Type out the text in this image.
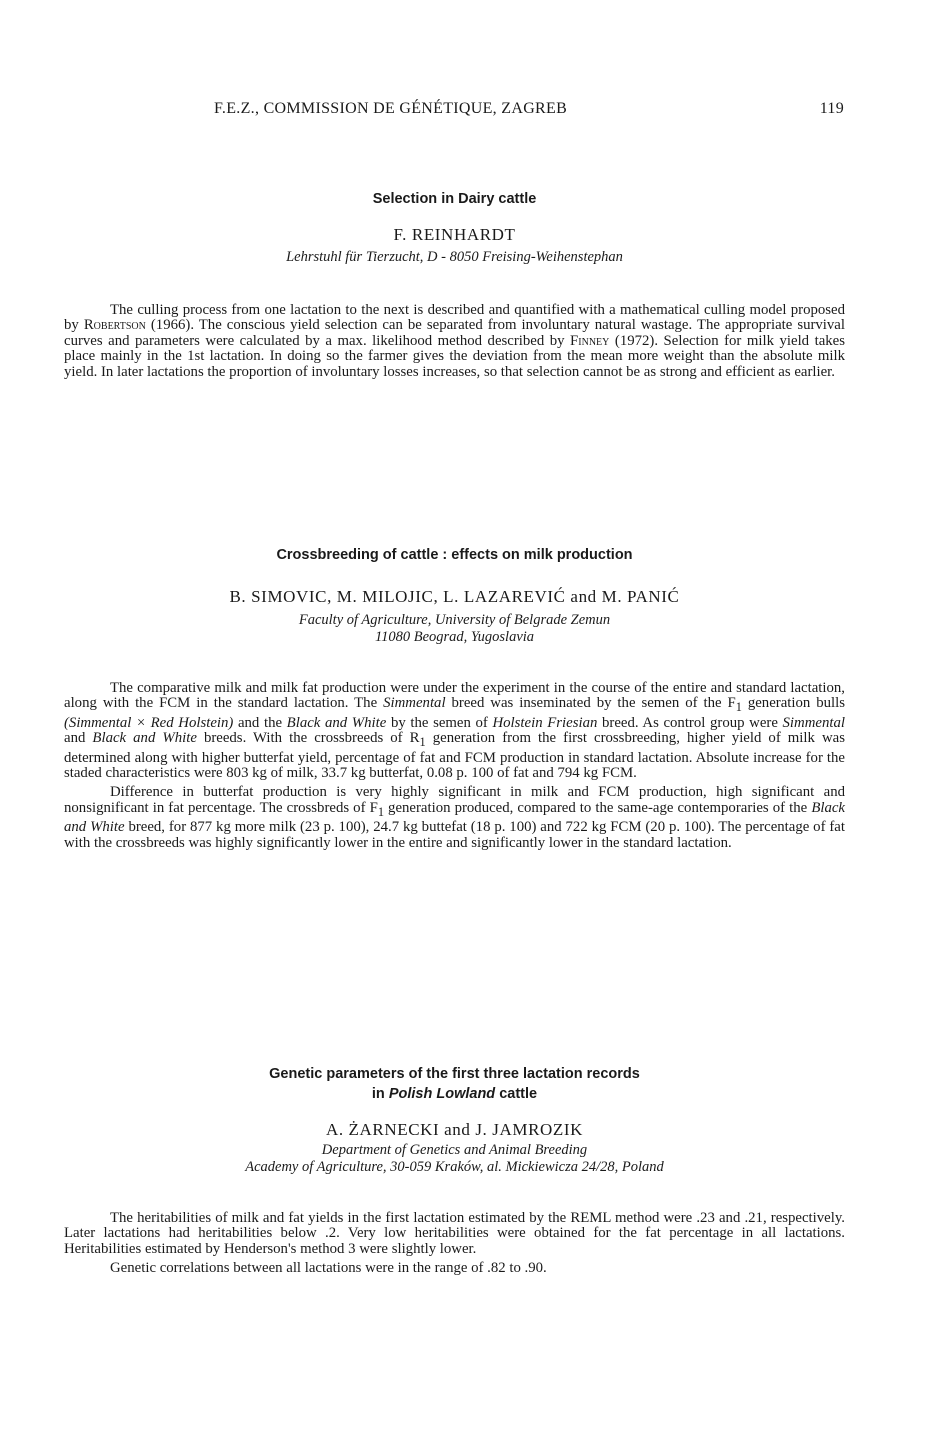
F.E.Z., COMMISSION DE GÉNÉTIQUE, ZAGREB	119
Selection in Dairy cattle

F. REINHARDT

Lehrstuhl für Tierzucht, D - 8050 Freising-Weihenstephan

The culling process from one lactation to the next is described and quantified with a mathematical culling model proposed by Robertson (1966). The conscious yield selection can be separated from involuntary natural wastage. The appropriate survival curves and parameters were calculated by a max. likelihood method described by Finney (1972). Selection for milk yield takes place mainly in the 1st lactation. In doing so the farmer gives the deviation from the mean more weight than the absolute milk yield. In later lactations the proportion of involuntary losses increases, so that selection cannot be as strong and efficient as earlier.

Crossbreeding of cattle : effects on milk production

B. SIMOVIC, M. MILOJIC, L. LAZAREVIĆ and M. PANIĆ

Faculty of Agriculture, University of Belgrade Zemun
11080 Beograd, Yugoslavia

The comparative milk and milk fat production were under the experiment in the course of the entire and standard lactation, along with the FCM in the standard lactation. The Simmental breed was inseminated by the semen of the $F_1$ generation bulls (Simmental × Red Holstein) and the Black and White by the semen of Holstein Friesian breed. As control group were Simmental and Black and White breeds. With the crossbreeds of $R_1$ generation from the first crossbreeding, higher yield of milk was determined along with higher butterfat yield, percentage of fat and FCM production in standard lactation. Absolute increase for the staded characteristics were 803 kg of milk, 33.7 kg butterfat, 0.08 p. 100 of fat and 794 kg FCM.

Difference in butterfat production is very highly significant in milk and FCM production, high significant and nonsignificant in fat percentage. The crossbreds of $F_1$ generation produced, compared to the same-age contemporaries of the Black and White breed, for 877 kg more milk (23 p. 100), 24.7 kg buttefat (18 p. 100) and 722 kg FCM (20 p. 100). The percentage of fat with the crossbreeds was highly significantly lower in the entire and significantly lower in the standard lactation.

Genetic parameters of the first three lactation records
in Polish Lowland cattle

A. ŻARNECKI and J. JAMROZIK

Department of Genetics and Animal Breeding
Academy of Agriculture, 30-059 Kraków, al. Mickiewicza 24/28, Poland

The heritabilities of milk and fat yields in the first lactation estimated by the REML method were .23 and .21, respectively. Later lactations had heritabilities below .2. Very low heritabilities were obtained for the fat percentage in all lactations. Heritabilities estimated by Henderson's method 3 were slightly lower.

Genetic correlations between all lactations were in the range of .82 to .90.
